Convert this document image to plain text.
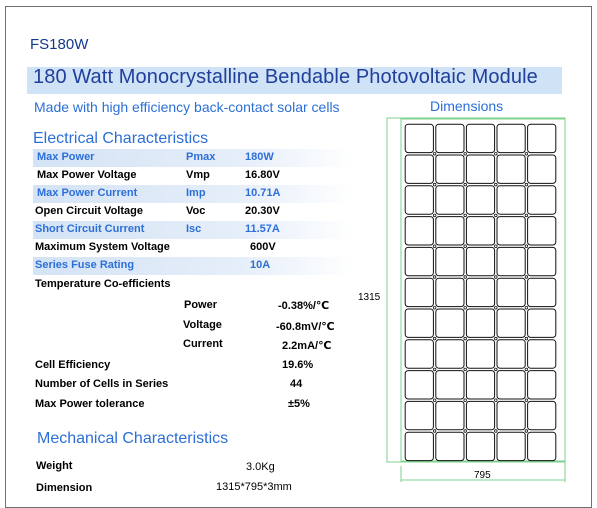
FS180W
180 Watt Monocrystalline Bendable Photovoltaic Module
Made with high efficiency back-contact solar cells	Dimensions
Electrical Characteristics
Max Power	Pmax	180W
Max Power Voltage	Vmp	16.80V
Max Power Current	Imp	10.71A
Open Circuit Voltage	Voc	20.30V
Short Circuit Current	Isc	11.57A
Maximum System Voltage	600V
Series Fuse Rating	10A
Temperature Co-efficients
Power	-0.38%/℃
Voltage	-60.8mV/℃
Current	2.2mA/℃
Cell Efficiency	19.6%
Number of Cells in Series	44
Max Power tolerance	±5%
Mechanical Characteristics
Weight	3.0Kg
Dimension	1315*795*3mm
1315
795
